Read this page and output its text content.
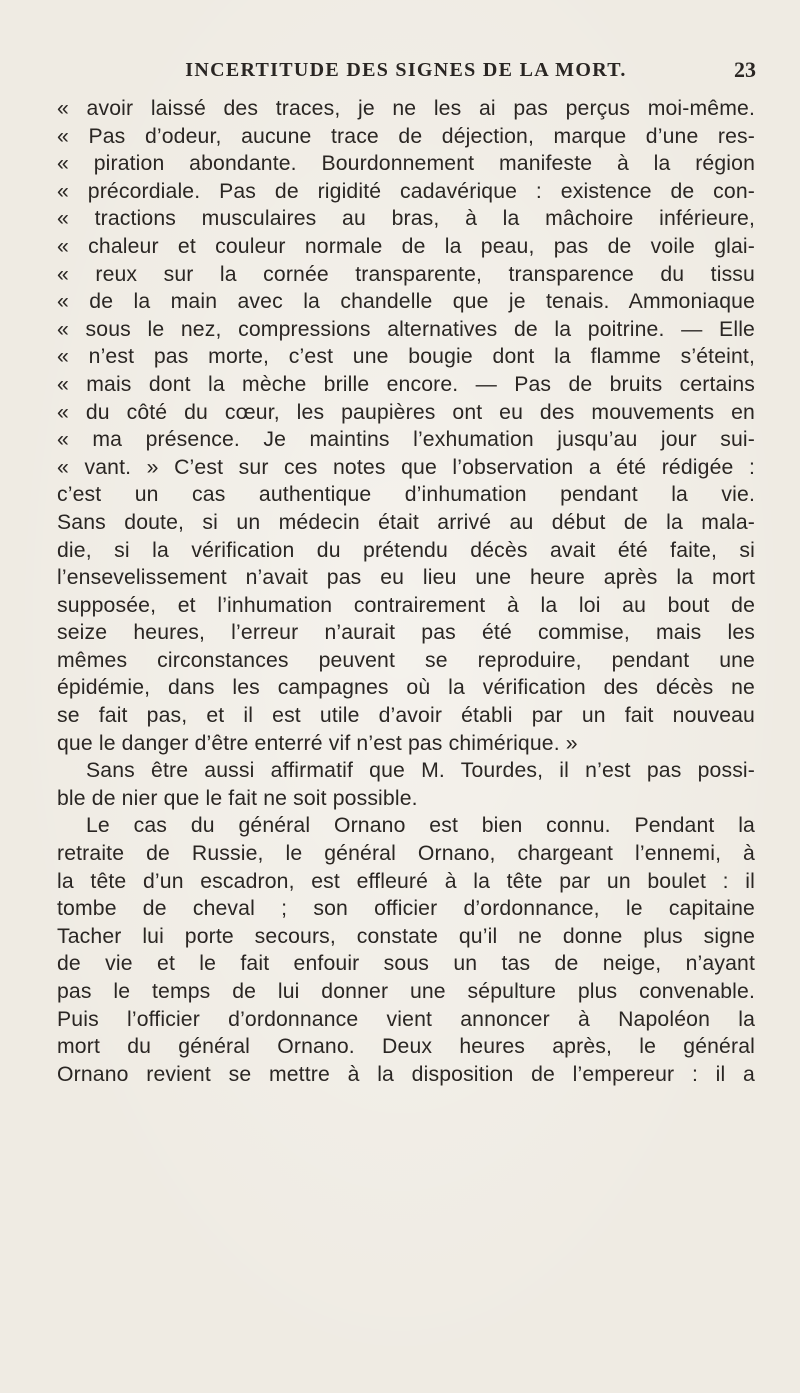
INCERTITUDE DES SIGNES DE LA MORT.	23
« avoir laissé des traces, je ne les ai pas perçus moi-même.
« Pas d’odeur, aucune trace de déjection, marque d’une res-
« piration abondante. Bourdonnement manifeste à la région
« précordiale. Pas de rigidité cadavérique : existence de con-
« tractions musculaires au bras, à la mâchoire inférieure,
« chaleur et couleur normale de la peau, pas de voile glai-
« reux sur la cornée transparente, transparence du tissu
« de la main avec la chandelle que je tenais. Ammoniaque
« sous le nez, compressions alternatives de la poitrine. — Elle
« n’est pas morte, c’est une bougie dont la flamme s’éteint,
« mais dont la mèche brille encore. — Pas de bruits certains
« du côté du cœur, les paupières ont eu des mouvements en
« ma présence. Je maintins l’exhumation jusqu’au jour sui-
« vant. » C’est sur ces notes que l’observation a été rédigée :
c’est un cas authentique d’inhumation pendant la vie.
Sans doute, si un médecin était arrivé au début de la mala-
die, si la vérification du prétendu décès avait été faite, si
l’ensevelissement n’avait pas eu lieu une heure après la mort
supposée, et l’inhumation contrairement à la loi au bout de
seize heures, l’erreur n’aurait pas été commise, mais les
mêmes circonstances peuvent se reproduire, pendant une
épidémie, dans les campagnes où la vérification des décès ne
se fait pas, et il est utile d’avoir établi par un fait nouveau
que le danger d’être enterré vif n’est pas chimérique. »
Sans être aussi affirmatif que M. Tourdes, il n’est pas possi-
ble de nier que le fait ne soit possible.
Le cas du général Ornano est bien connu. Pendant la
retraite de Russie, le général Ornano, chargeant l’ennemi, à
la tête d’un escadron, est effleuré à la tête par un boulet : il
tombe de cheval ; son officier d’ordonnance, le capitaine
Tacher lui porte secours, constate qu’il ne donne plus signe
de vie et le fait enfouir sous un tas de neige, n’ayant
pas le temps de lui donner une sépulture plus convenable.
Puis l’officier d’ordonnance vient annoncer à Napoléon la
mort du général Ornano. Deux heures après, le général
Ornano revient se mettre à la disposition de l’empereur : il a
